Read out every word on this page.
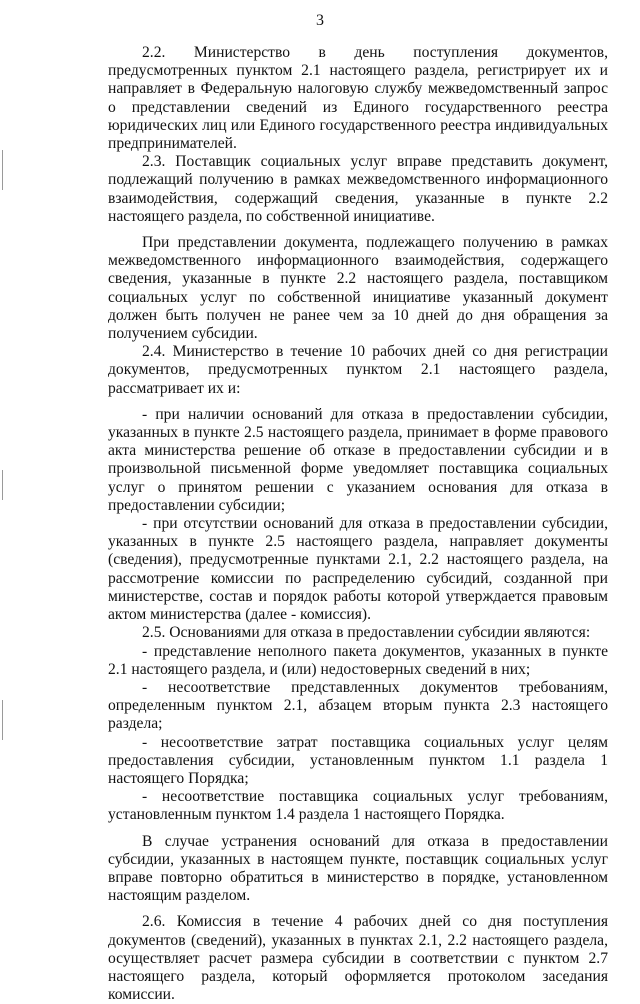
3

2.2. Министерство в день поступления документов, предусмотренных пунктом 2.1 настоящего раздела, регистрирует их и направляет в Федеральную налоговую службу межведомственный запрос о представлении сведений из Единого государственного реестра юридических лиц или Единого государственного реестра индивидуальных предпринимателей.

2.3. Поставщик социальных услуг вправе представить документ, подлежащий получению в рамках межведомственного информационного взаимодействия, содержащий сведения, указанные в пункте 2.2 настоящего раздела, по собственной инициативе.

При представлении документа, подлежащего получению в рамках межведомственного информационного взаимодействия, содержащего сведения, указанные в пункте 2.2 настоящего раздела, поставщиком социальных услуг по собственной инициативе указанный документ должен быть получен не ранее чем за 10 дней до дня обращения за получением субсидии.

2.4. Министерство в течение 10 рабочих дней со дня регистрации документов, предусмотренных пунктом 2.1 настоящего раздела, рассматривает их и:

- при наличии оснований для отказа в предоставлении субсидии, указанных в пункте 2.5 настоящего раздела, принимает в форме правового акта министерства решение об отказе в предоставлении субсидии и в произвольной письменной форме уведомляет поставщика социальных услуг о принятом решении с указанием основания для отказа в предоставлении субсидии;

- при отсутствии оснований для отказа в предоставлении субсидии, указанных в пункте 2.5 настоящего раздела, направляет документы (сведения), предусмотренные пунктами 2.1, 2.2 настоящего раздела, на рассмотрение комиссии по распределению субсидий, созданной при министерстве, состав и порядок работы которой утверждается правовым актом министерства (далее - комиссия).

2.5. Основаниями для отказа в предоставлении субсидии являются:

- представление неполного пакета документов, указанных в пункте 2.1 настоящего раздела, и (или) недостоверных сведений в них;

- несоответствие представленных документов требованиям, определенным пунктом 2.1, абзацем вторым пункта 2.3 настоящего раздела;

- несоответствие затрат поставщика социальных услуг целям предоставления субсидии, установленным пунктом 1.1 раздела 1 настоящего Порядка;

- несоответствие поставщика социальных услуг требованиям, установленным пунктом 1.4 раздела 1 настоящего Порядка.

В случае устранения оснований для отказа в предоставлении субсидии, указанных в настоящем пункте, поставщик социальных услуг вправе повторно обратиться в министерство в порядке, установленном настоящим разделом.

2.6. Комиссия в течение 4 рабочих дней со дня поступления документов (сведений), указанных в пунктах 2.1, 2.2 настоящего раздела, осуществляет расчет размера субсидии в соответствии с пунктом 2.7 настоящего раздела, который оформляется протоколом заседания комиссии.
